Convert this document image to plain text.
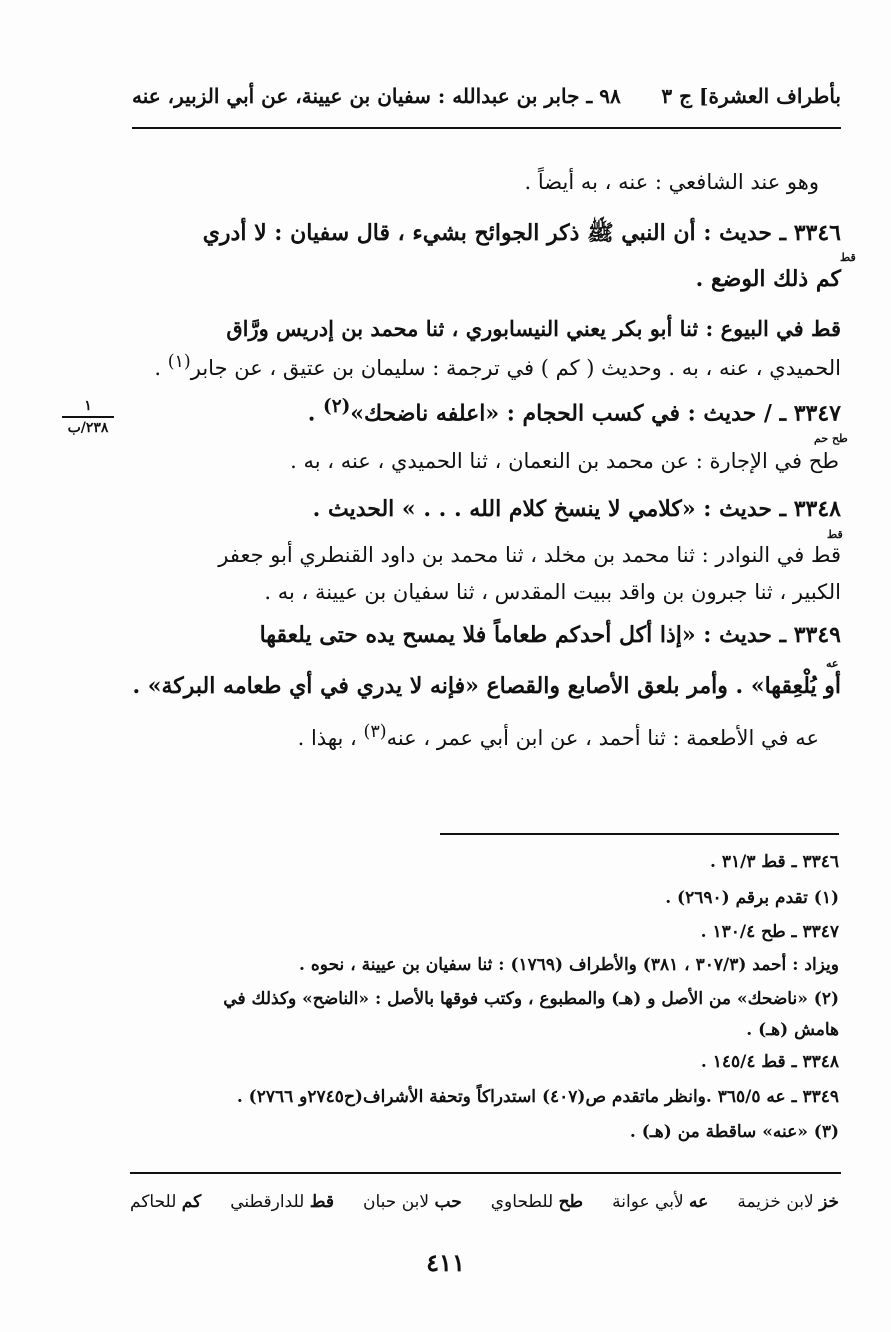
بأطراف العشرة] ج ٣
٩٨ ـ جابر بن عبدالله : سفيان بن عيينة، عن أبي الزبير، عنه
وهو عند الشافعي : عنه ، به أيضاً .
٣٣٤٦ ـ حديث : أن النبي ﷺ ذكر الجوائح بشيء ، قال سفيان : لا أدري
قط
كم ذلك الوضع .
قط في البيوع : ثنا أبو بكر يعني النيسابوري ، ثنا محمد بن إدريس ورَّاق
الحميدي ، عنه ، به . وحديث ( كم ) في ترجمة : سليمان بن عتيق ، عن جابر$^{(١)}$ .
٣٣٤٧ ـ / حديث : في كسب الحجام : «اعلفه ناضحك»$^{(٢)}$ .
طح حم
طح في الإجارة : عن محمد بن النعمان ، ثنا الحميدي ، عنه ، به .
١
٢٣٨/ب
٣٣٤٨ ـ حديث : «كلامي لا ينسخ كلام الله . . . » الحديث .
قط
قط في النوادر : ثنا محمد بن مخلد ، ثنا محمد بن داود القنطري أبو جعفر
الكبير ، ثنا جبرون بن واقد ببيت المقدس ، ثنا سفيان بن عيينة ، به .
٣٣٤٩ ـ حديث : «إذا أكل أحدكم طعاماً فلا يمسح يده حتى يلعقها
عه
أو يُلْعِقها» . وأمر بلعق الأصابع والقصاع «فإنه لا يدري في أي طعامه البركة» .
عه في الأطعمة : ثنا أحمد ، عن ابن أبي عمر ، عنه$^{(٣)}$ ، بهذا .
٣٣٤٦ ـ قط ٣١/٣ .
(١) تقدم برقم (٢٦٩٠) .
٣٣٤٧ ـ طح ١٣٠/٤ .
ويزاد : أحمد (٣٠٧/٣ ، ٣٨١) والأطراف (١٧٦٩) : ثنا سفيان بن عيينة ، نحوه .
(٢) «ناضحك» من الأصل و (هـ) والمطبوع ، وكتب فوقها بالأصل : «الناضح» وكذلك في
هامش (هـ) .
٣٣٤٨ ـ قط ١٤٥/٤ .
٣٣٤٩ ـ عه ٣٦٥/٥ .وانظر ماتقدم ص(٤٠٧) استدراكاً وتحفة الأشراف(ح٢٧٤٥و ٢٧٦٦) .
(٣) «عنه» ساقطة من (هـ) .
خز لابن خزيمة
عه لأبي عوانة
طح للطحاوي
حب لابن حبان
قط للدارقطني
كم للحاكم
٤١١
